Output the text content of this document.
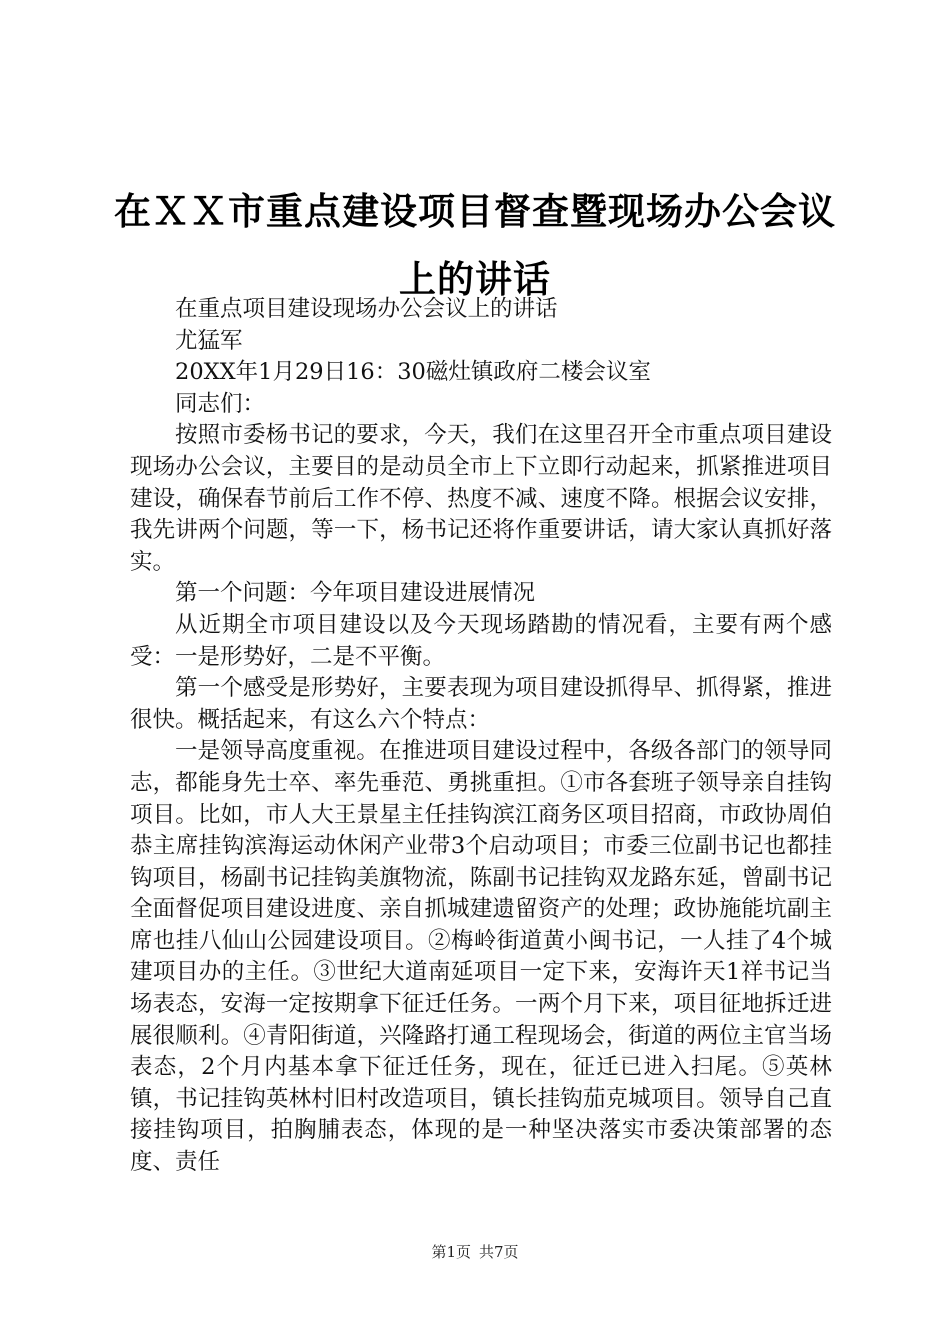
在ＸＸ市重点建设项目督查暨现场办公会议上的讲话

在重点项目建设现场办公会议上的讲话

尤猛军

20XX年1月29日16：30磁灶镇政府二楼会议室

同志们：

按照市委杨书记的要求，今天，我们在这里召开全市重点项目建设现场办公会议，主要目的是动员全市上下立即行动起来，抓紧推进项目建设，确保春节前后工作不停、热度不减、速度不降。根据会议安排，我先讲两个问题，等一下，杨书记还将作重要讲话，请大家认真抓好落实。

第一个问题：今年项目建设进展情况

从近期全市项目建设以及今天现场踏勘的情况看，主要有两个感受：一是形势好，二是不平衡。

第一个感受是形势好，主要表现为项目建设抓得早、抓得紧，推进很快。概括起来，有这么六个特点：

一是领导高度重视。在推进项目建设过程中，各级各部门的领导同志，都能身先士卒、率先垂范、勇挑重担。①市各套班子领导亲自挂钩项目。比如，市人大王景星主任挂钩滨江商务区项目招商，市政协周伯恭主席挂钩滨海运动休闲产业带3个启动项目；市委三位副书记也都挂钩项目，杨副书记挂钩美旗物流，陈副书记挂钩双龙路东延，曾副书记全面督促项目建设进度、亲自抓城建遗留资产的处理；政协施能坑副主席也挂八仙山公园建设项目。②梅岭街道黄小闽书记，一人挂了4个城建项目办的主任。③世纪大道南延项目一定下来，安海许天1祥书记当场表态，安海一定按期拿下征迁任务。一两个月下来，项目征地拆迁进展很顺利。④青阳街道，兴隆路打通工程现场会，街道的两位主官当场表态，2个月内基本拿下征迁任务，现在，征迁已进入扫尾。⑤英林镇，书记挂钩英林村旧村改造项目，镇长挂钩茄克城项目。领导自己直接挂钩项目，拍胸脯表态，体现的是一种坚决落实市委决策部署的态度、责任

第1页 共7页
